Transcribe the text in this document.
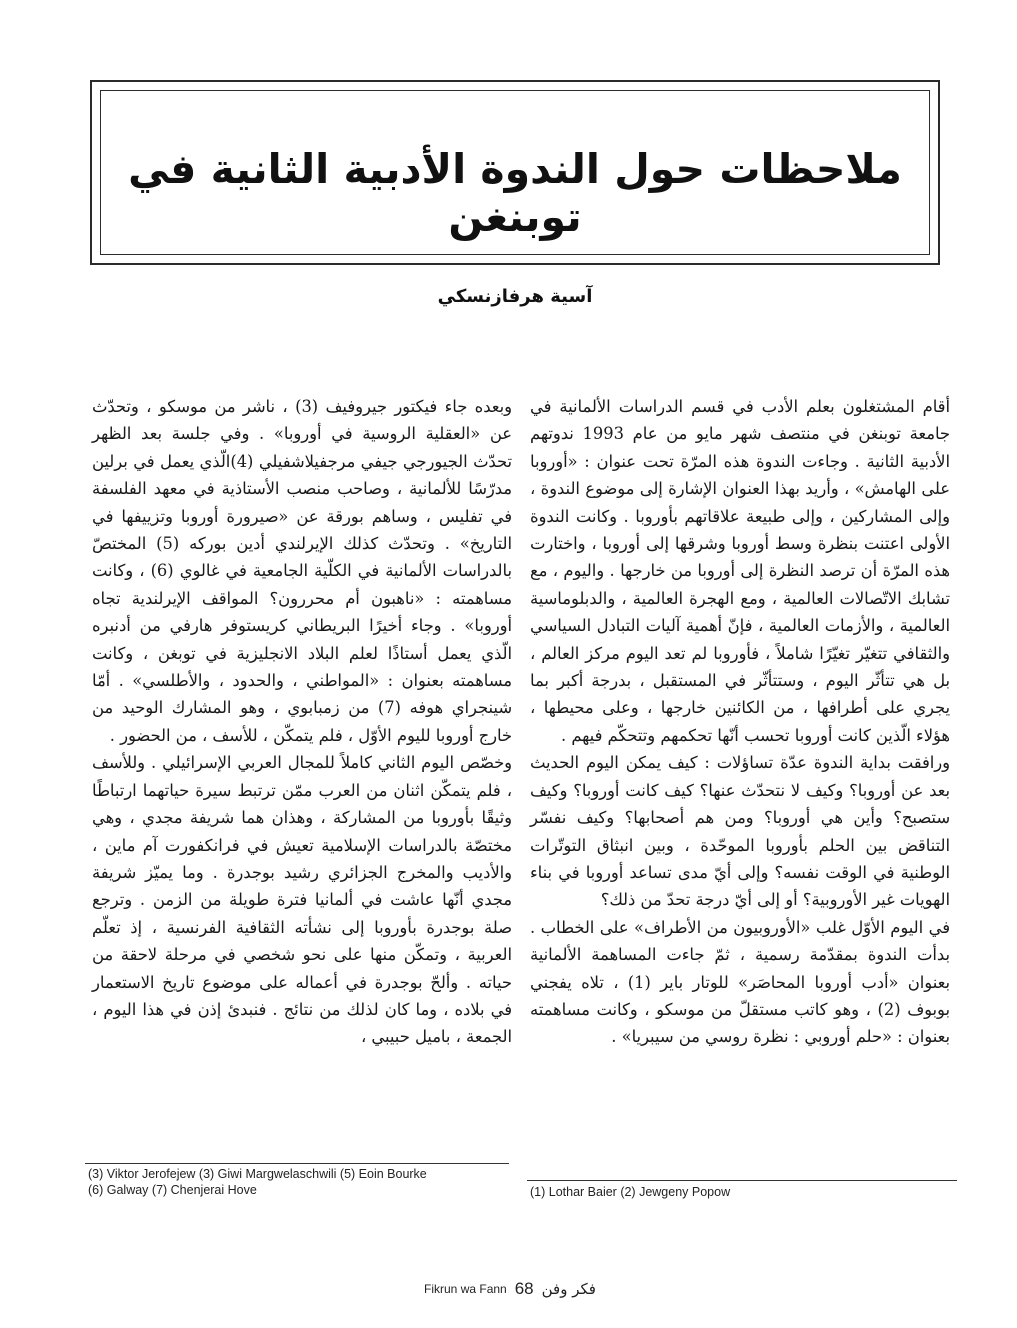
ملاحظات حول الندوة الأدبية الثانية في توبنغن
آسية هرفازنسكي

أقام المشتغلون بعلم الأدب في قسم الدراسات الألمانية في جامعة توبنغن في منتصف شهر مايو من عام 1993 ندوتهم الأدبية الثانية . وجاءت الندوة هذه المرّة تحت عنوان : «أوروبا على الهامش» ، وأريد بهذا العنوان الإشارة إلى موضوع الندوة ، وإلى المشاركين ، وإلى طبيعة علاقاتهم بأوروبا . وكانت الندوة الأولى اعتنت بنظرة وسط أوروبا وشرقها إلى أوروبا ، واختارت هذه المرّة أن ترصد النظرة إلى أوروبا من خارجها . واليوم ، مع تشابك الاتّصالات العالمية ، ومع الهجرة العالمية ، والدبلوماسية العالمية ، والأزمات العالمية ، فإنّ أهمية آليات التبادل السياسي والثقافي تتغيّر تغيّرًا شاملاً ، فأوروبا لم تعد اليوم مركز العالم ، بل هي تتأثّر اليوم ، وستتأثّر في المستقبل ، بدرجة أكبر بما يجري على أطرافها ، من الكائنين خارجها ، وعلى محيطها ، هؤلاء الّذين كانت أوروبا تحسب أنّها تحكمهم وتتحكّم فيهم .

ورافقت بداية الندوة عدّة تساؤلات : كيف يمكن اليوم الحديث بعد عن أوروبا؟ وكيف لا نتحدّث عنها؟ كيف كانت أوروبا؟ وكيف ستصبح؟ وأين هي أوروبا؟ ومن هم أصحابها؟ وكيف نفسّر التناقض بين الحلم بأوروبا الموحّدة ، وبين انبثاق التوتّرات الوطنية في الوقت نفسه؟ وإلى أيّ مدى تساعد أوروبا في بناء الهويات غير الأوروبية؟ أو إلى أيّ درجة تحدّ من ذلك؟

في اليوم الأوّل غلب «الأوروبيون من الأطراف» على الخطاب . بدأت الندوة بمقدّمة رسمية ، ثمّ جاءت المساهمة الألمانية بعنوان «أدب أوروبا المحاصَر» للوتار باير (1) ، تلاه يفجني بوبوف (2) ، وهو كاتب مستقلّ من موسكو ، وكانت مساهمته بعنوان : «حلم أوروبي : نظرة روسي من سيبريا» .

وبعده جاء فيكتور جيروفيف (3) ، ناشر من موسكو ، وتحدّث عن «العقلية الروسية في أوروبا» . وفي جلسة بعد الظهر تحدّث الجيورجي جيفي مرجفيلاشفيلي (4)الّذي يعمل في برلين مدرّسًا للألمانية ، وصاحب منصب الأستاذية في معهد الفلسفة في تفليس ، وساهم بورقة عن «صيرورة أوروبا وتزييفها في التاريخ» . وتحدّث كذلك الإيرلندي أدين بوركه (5) المختصّ بالدراسات الألمانية في الكلّية الجامعية في غالوي (6) ، وكانت مساهمته : «ناهبون أم محررون؟ المواقف الإيرلندية تجاه أوروبا» . وجاء أخيرًا البريطاني كريستوفر هارفي من أدنبره الّذي يعمل أستاذًا لعلم البلاد الانجليزية في توبغن ، وكانت مساهمته بعنوان : «المواطني ، والحدود ، والأطلسي» . أمّا شينجراي هوفه (7) من زمبابوي ، وهو المشارك الوحيد من خارج أوروبا لليوم الأوّل ، فلم يتمكّن ، للأسف ، من الحضور .

وخصّص اليوم الثاني كاملاً للمجال العربي الإسرائيلي . وللأسف ، فلم يتمكّن اثنان من العرب ممّن ترتبط سيرة حياتهما ارتباطًا وثيقًا بأوروبا من المشاركة ، وهذان هما شريفة مجدي ، وهي مختصّة بالدراسات الإسلامية تعيش في فرانكفورت آم ماين ، والأديب والمخرج الجزائري رشيد بوجدرة . وما يميّز شريفة مجدي أنّها عاشت في ألمانيا فترة طويلة من الزمن . وترجع صلة بوجدرة بأوروبا إلى نشأته الثقافية الفرنسية ، إذ تعلّم العربية ، وتمكّن منها على نحو شخصي في مرحلة لاحقة من حياته . وألحّ بوجدرة في أعماله على موضوع تاريخ الاستعمار في بلاده ، وما كان لذلك من نتائج . فنبدئ إذن في هذا اليوم ، الجمعة ، باميل حبيبي ،

(3) Viktor Jerofejew (3) Giwi Margwelaschwili (5) Eoin Bourke
(6) Galway (7) Chenjerai Hove	(1) Lothar Baier (2) Jewgeny Popow
Fikrun wa Fann 68 فكر وفن
